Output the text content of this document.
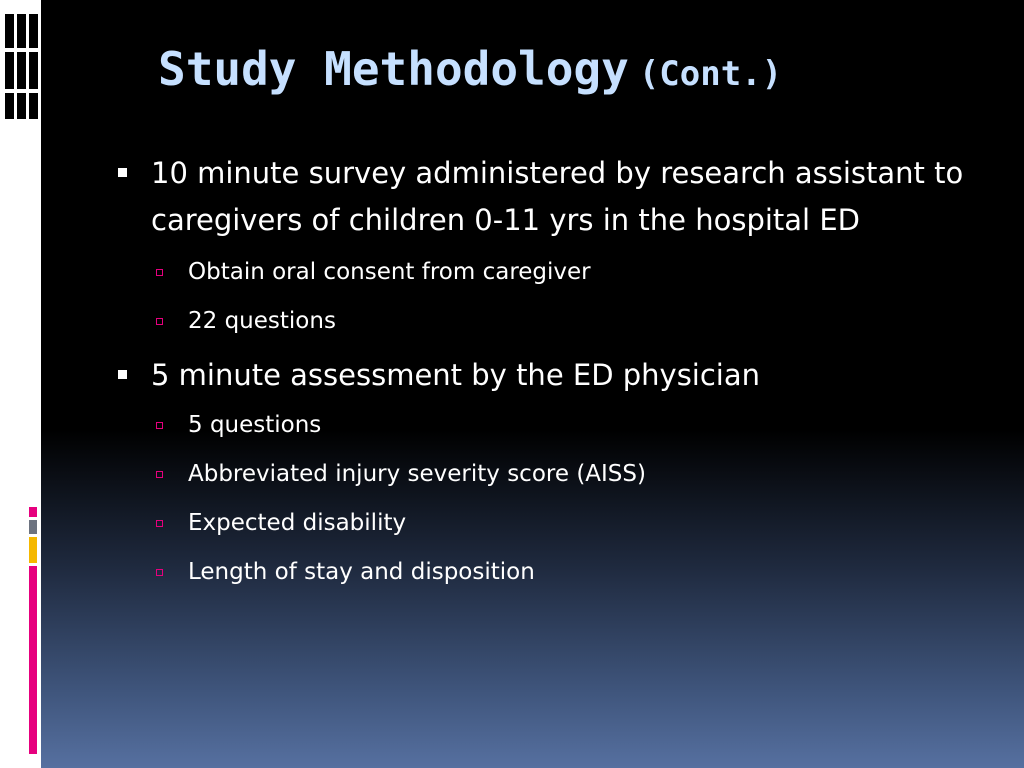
Study Methodology (Cont.)
10 minute survey administered by research assistant to caregivers of children 0-11 yrs in the hospital ED
Obtain oral consent from caregiver
22 questions
5 minute assessment by the ED physician
5 questions
Abbreviated injury severity score (AISS)
Expected disability
Length of stay and disposition
